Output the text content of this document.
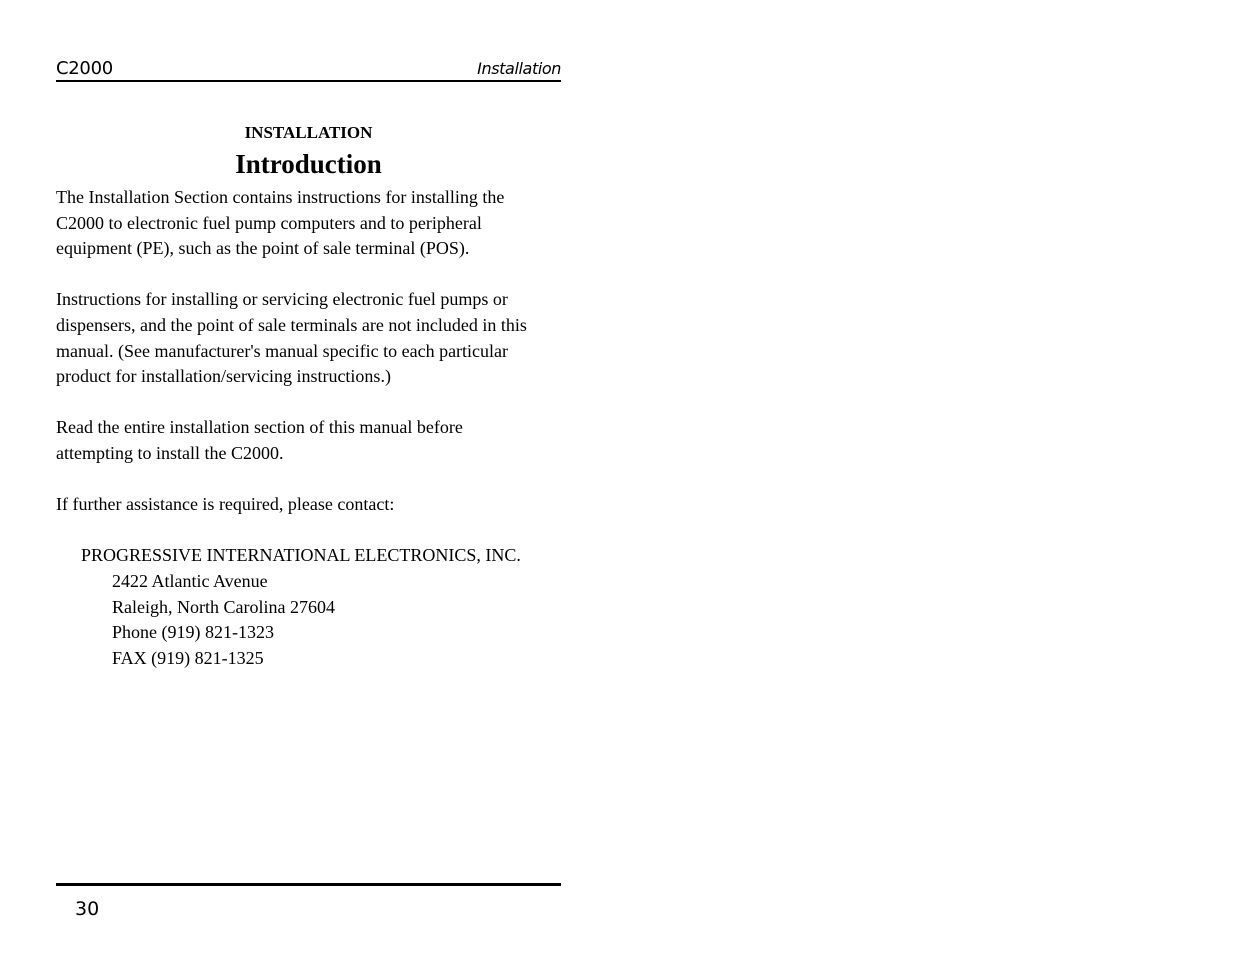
C2000	Installation
INSTALLATION
Introduction

The Installation Section contains instructions for installing the
C2000 to electronic fuel pump computers and to peripheral
equipment (PE), such as the point of sale terminal (POS).

Instructions for installing or servicing electronic fuel pumps or
dispensers, and the point of sale terminals are not included in this
manual. (See manufacturer's manual specific to each particular
product for installation/servicing instructions.)

Read the entire installation section of this manual before
attempting to install the C2000.

If further assistance is required, please contact:

PROGRESSIVE INTERNATIONAL ELECTRONICS, INC.
2422 Atlantic Avenue
Raleigh, North Carolina 27604
Phone (919) 821-1323
FAX (919) 821-1325
30
